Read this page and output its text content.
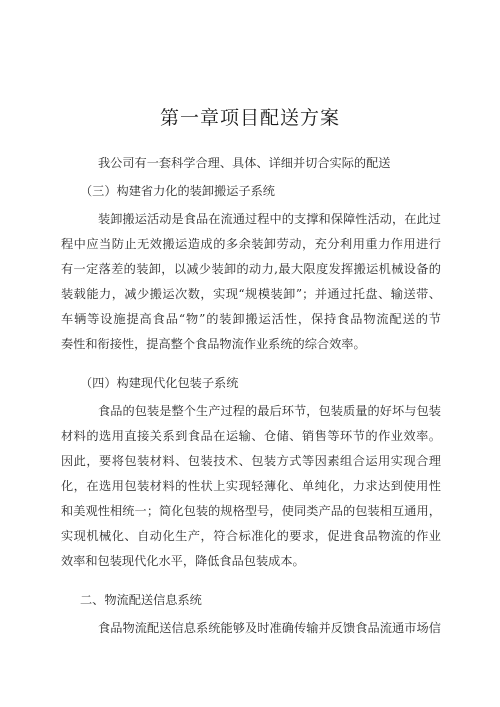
第一章项目配送方案
我公司有一套科学合理、具体、详细并切合实际的配送
（三）构建省力化的装卸搬运子系统
装卸搬运活动是食品在流通过程中的支撑和保障性活动，在此过
程中应当防止无效搬运造成的多余装卸劳动，充分利用重力作用进行
有一定落差的装卸，以减少装卸的动力,最大限度发挥搬运机械设备的
装载能力，减少搬运次数，实现“规模装卸”；并通过托盘、输送带、
车辆等设施提高食品“物”的装卸搬运活性，保持食品物流配送的节
奏性和衔接性，提高整个食品物流作业系统的综合效率。
（四）构建现代化包装子系统
食品的包装是整个生产过程的最后环节，包装质量的好坏与包装
材料的选用直接关系到食品在运输、仓储、销售等环节的作业效率。
因此，要将包装材料、包装技术、包装方式等因素组合运用实现合理
化，在选用包装材料的性状上实现轻薄化、单纯化，力求达到使用性
和美观性相统一；简化包装的规格型号，使同类产品的包装相互通用，
实现机械化、自动化生产，符合标准化的要求，促进食品物流的作业
效率和包装现代化水平，降低食品包装成本。
二、物流配送信息系统
食品物流配送信息系统能够及时准确传输并反馈食品流通市场信
